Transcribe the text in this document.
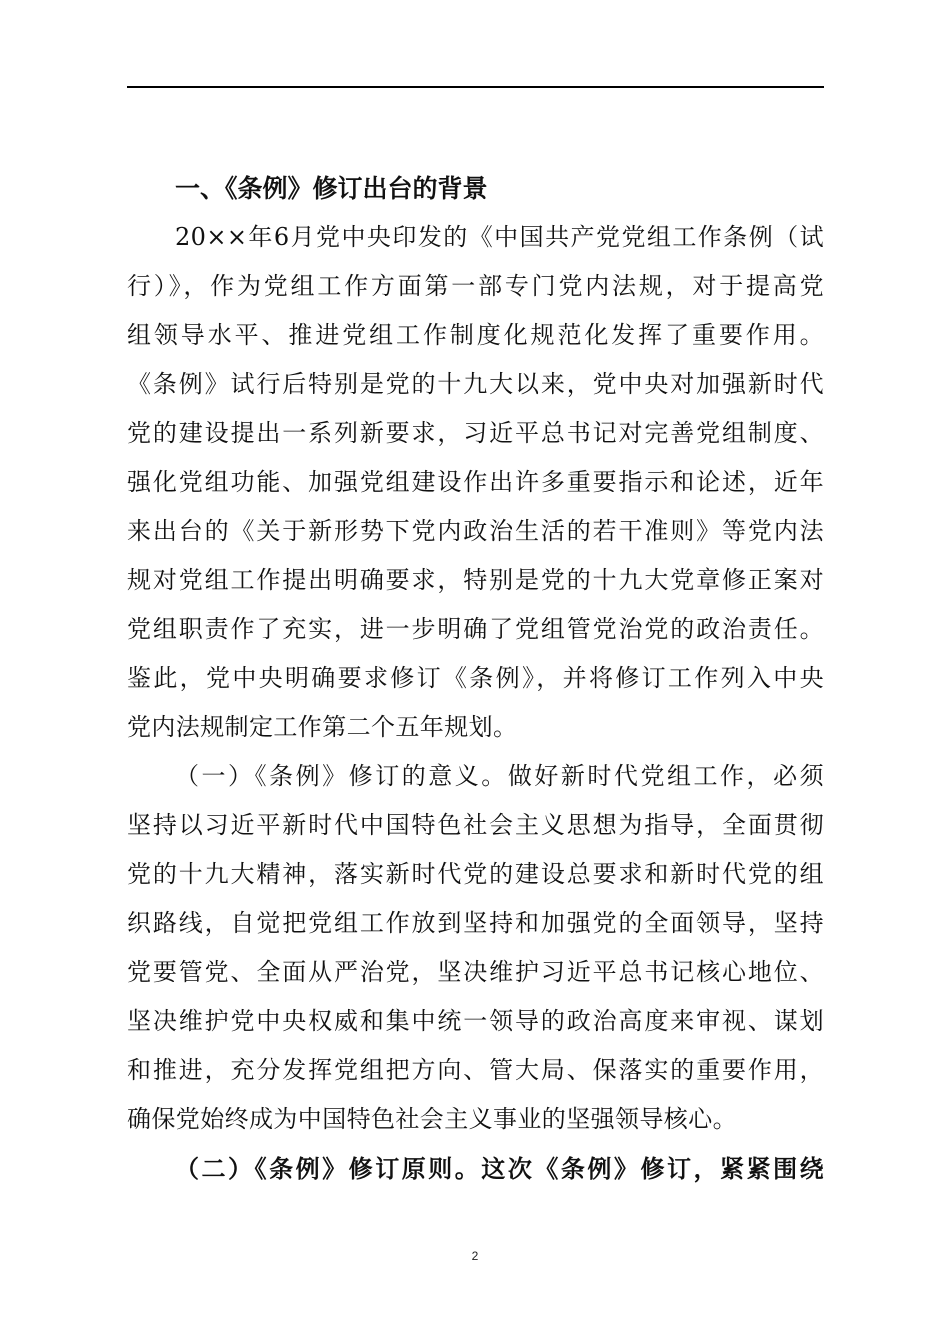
一、《条例》修订出台的背景
20××年6月党中央印发的《中国共产党党组工作条例（试
行）》，作为党组工作方面第一部专门党内法规，对于提高党
组领导水平、推进党组工作制度化规范化发挥了重要作用。
《条例》试行后特别是党的十九大以来，党中央对加强新时代
党的建设提出一系列新要求，习近平总书记对完善党组制度、
强化党组功能、加强党组建设作出许多重要指示和论述，近年
来出台的《关于新形势下党内政治生活的若干准则》等党内法
规对党组工作提出明确要求，特别是党的十九大党章修正案对
党组职责作了充实，进一步明确了党组管党治党的政治责任。
鉴此，党中央明确要求修订《条例》，并将修订工作列入中央
党内法规制定工作第二个五年规划。
（一）《条例》修订的意义。做好新时代党组工作，必须
坚持以习近平新时代中国特色社会主义思想为指导，全面贯彻
党的十九大精神，落实新时代党的建设总要求和新时代党的组
织路线，自觉把党组工作放到坚持和加强党的全面领导，坚持
党要管党、全面从严治党，坚决维护习近平总书记核心地位、
坚决维护党中央权威和集中统一领导的政治高度来审视、谋划
和推进，充分发挥党组把方向、管大局、保落实的重要作用，
确保党始终成为中国特色社会主义事业的坚强领导核心。
（二）《条例》修订原则。这次《条例》修订，紧紧围绕
2
